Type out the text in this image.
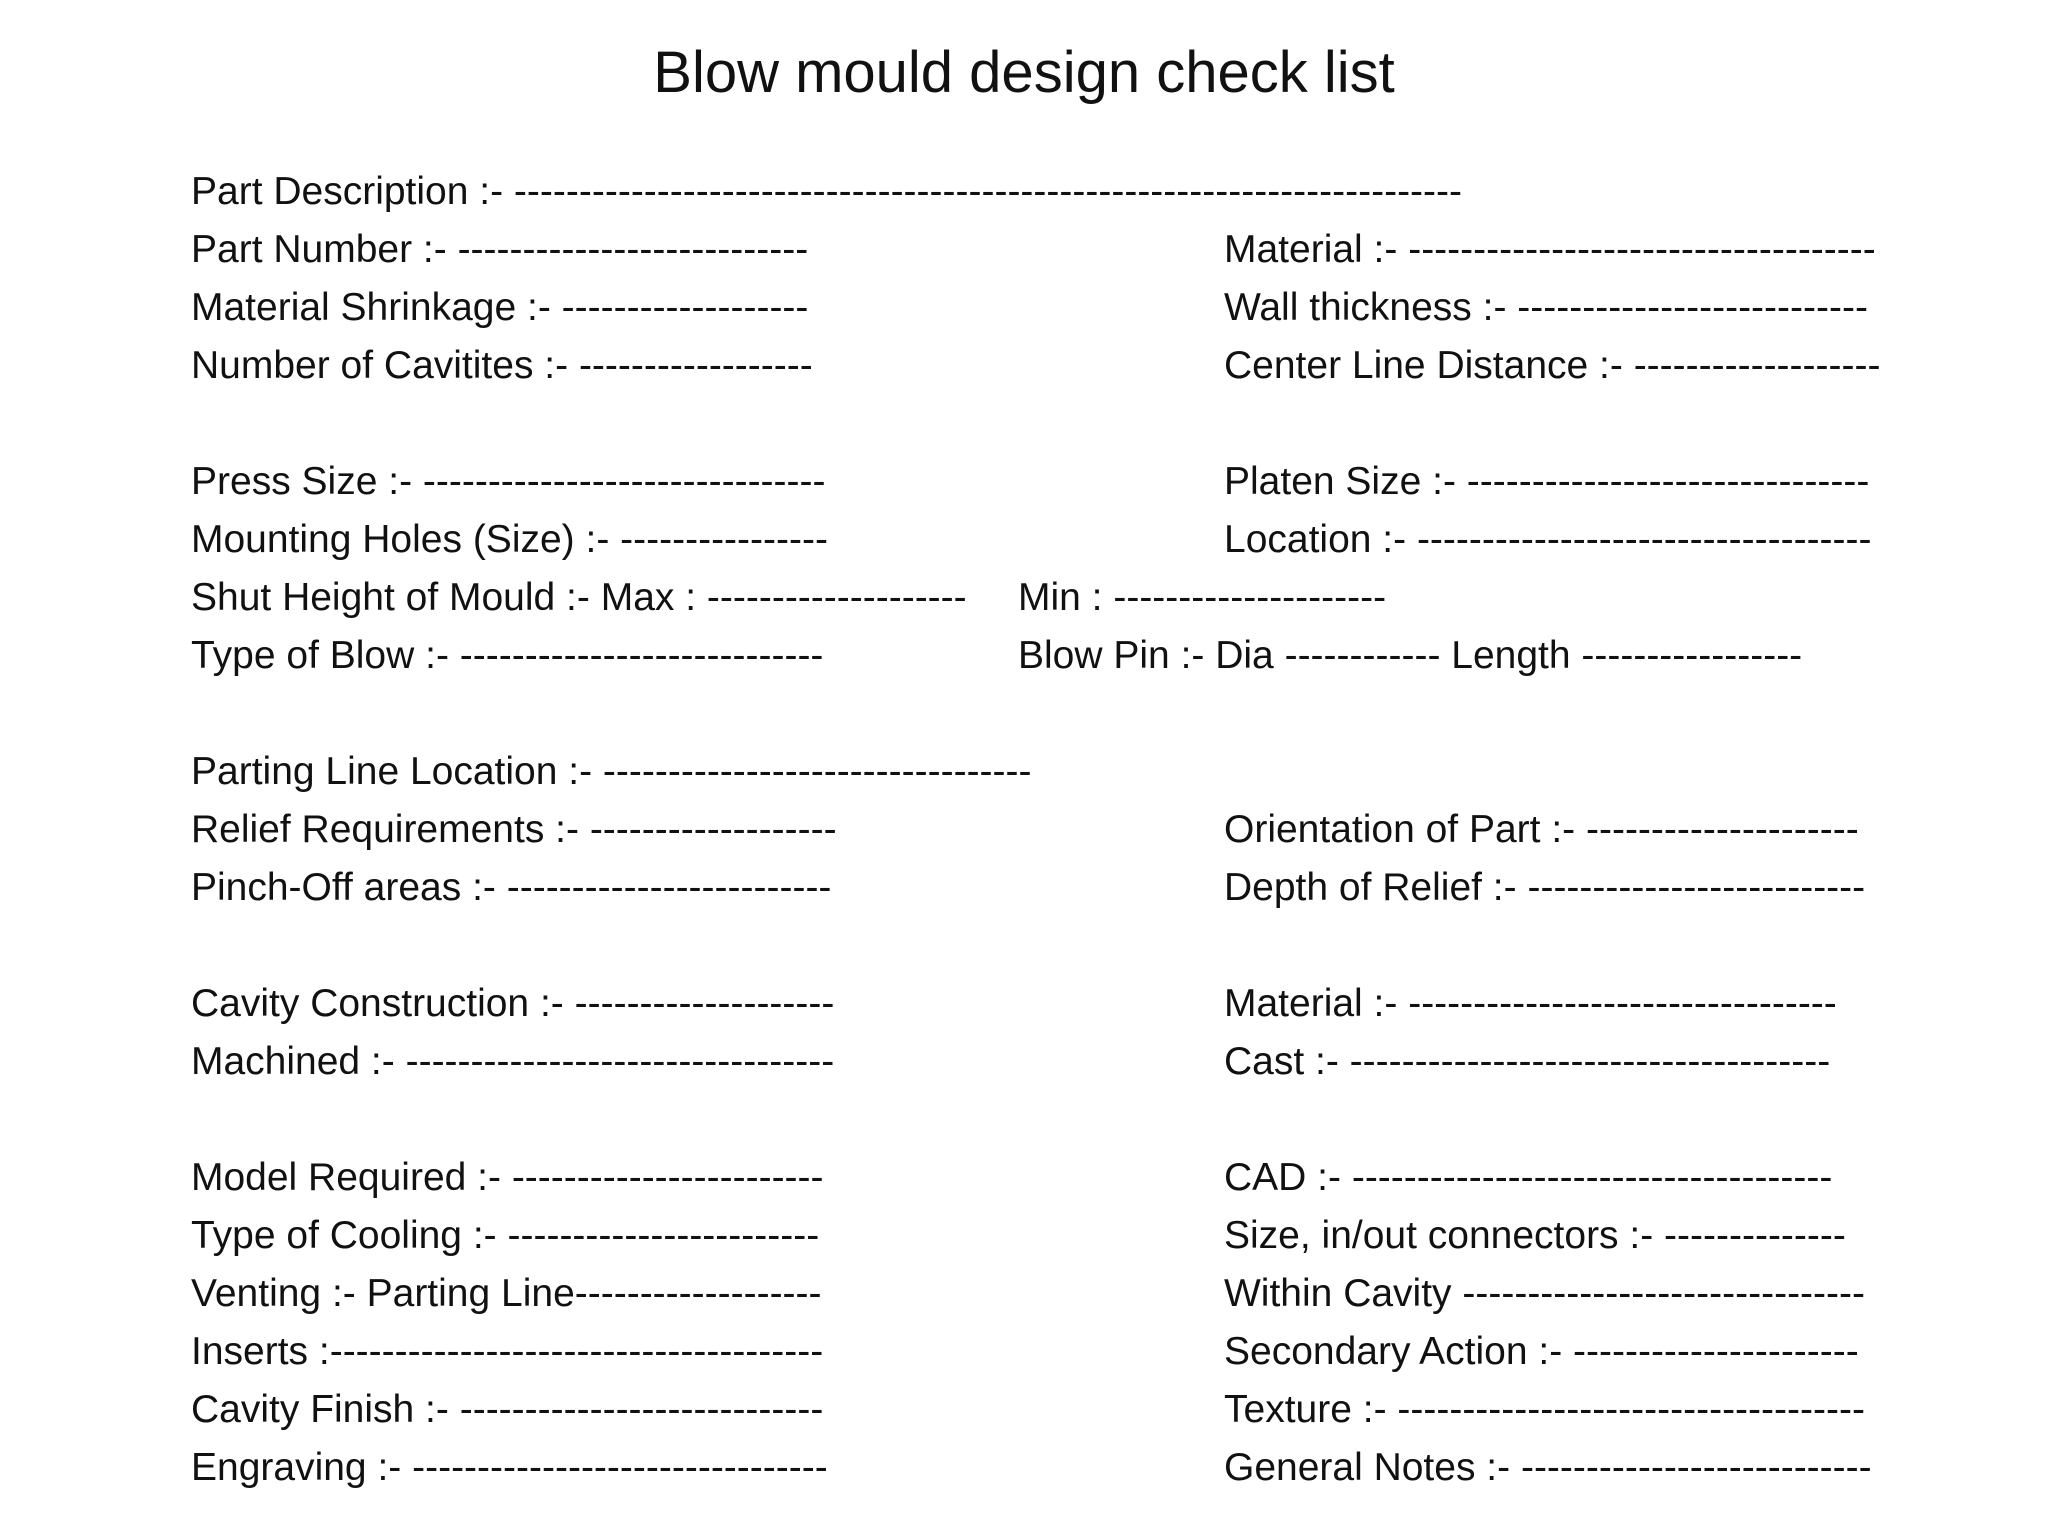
Blow mould design check list
Part Description :- -------------------------------------------------------------------------
Part Number :- ---------------------------	Material :- ------------------------------------
Material Shrinkage :- -------------------	Wall thickness :- ---------------------------
Number of Cavitites :- ------------------	Center Line Distance :- -------------------
Press Size :- -------------------------------	Platen Size :- -------------------------------
Mounting Holes (Size) :- ----------------	Location :- -----------------------------------
Shut Height of Mould :- Max : -------------------- Min : ---------------------
Type of Blow :- ----------------------------	Blow Pin :- Dia ------------ Length -----------------
Parting Line Location :- ---------------------------------
Relief Requirements :- -------------------	Orientation of Part :- ---------------------
Pinch-Off areas :- -------------------------	Depth of Relief :- --------------------------
Cavity Construction :- --------------------	Material :- ---------------------------------
Machined :- ---------------------------------	Cast :- -------------------------------------
Model Required :- ------------------------	CAD :- -------------------------------------
Type of Cooling :- ------------------------	Size, in/out connectors :- --------------
Venting :- Parting Line-------------------	Within Cavity -------------------------------
Inserts :--------------------------------------	Secondary Action :- ----------------------
Cavity Finish :- ----------------------------	Texture :- ------------------------------------
Engraving :- --------------------------------	General Notes :- ---------------------------
